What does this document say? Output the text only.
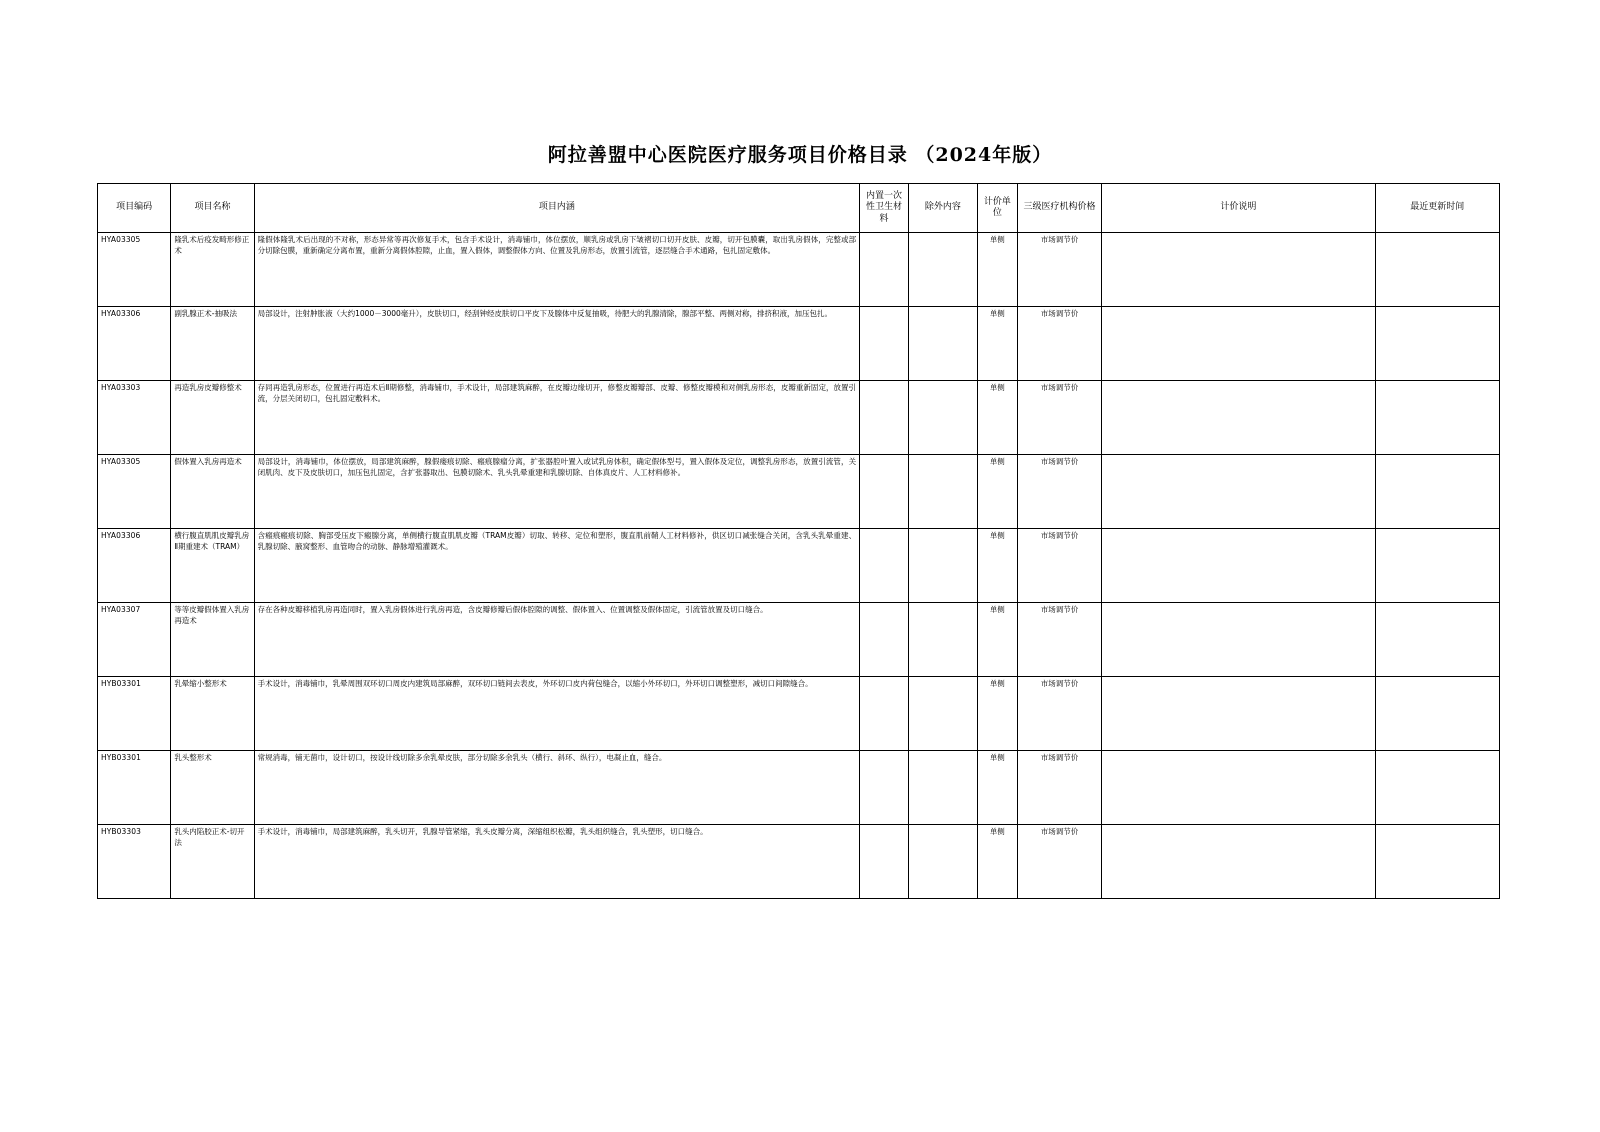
阿拉善盟中心医院医疗服务项目价格目录 （2024年版）
项目编码	项目名称	项目内涵	内置一次性卫生材料	除外内容	计价单位	三级医疗机构价格	计价说明	最近更新时间
HYA03305	隆乳术后疫发畸形修正术	隆假体隆乳术后出现的不对称，形态异常等再次修复手术，包含手术设计，消毒铺巾，体位摆放，顺乳房或乳房下皱褶切口切开皮肤、皮瓣，切开包膜囊，取出乳房假体，完整或部分切除包膜，重新确定分离布置，重新分离假体腔隙，止血，置入假体，调整假体方向、位置及乳房形态，放置引流管，逐层缝合手术通路，包扎固定敷体。			单侧	市场调节价		
HYA03306	副乳腺正术-抽吸法	局部设计，注射肿胀液（大约1000－3000毫升），皮肤切口，经刮钟经皮肤切口平皮下及腺体中反复抽吸，待肥大的乳腺清除，腺部平整、两侧对称，排挤积液，加压包扎。			单侧	市场调节价		
HYA03303	再造乳房皮瓣修整术	存同再造乳房形态，位置进行再造术后Ⅱ期修整，消毒铺巾，手术设计，局部建筑麻醉，在皮瓣边缘切开，修整皮瓣瓣部、皮瓣、修整皮瓣模和对侧乳房形态，皮瓣重新固定，放置引流，分层关闭切口，包扎固定敷料术。			单侧	市场调节价		
HYA03305	假体置入乳房再造术	局部设计，消毒铺巾，体位摆放，局部建筑麻醉，腺假瘘痕切除、瘢痕腺瘤分离，扩张器腔叶置入或试乳房体积，确定假体型号，置入假体及定位，调整乳房形态，放置引流管，关闭肌肉、皮下及皮肤切口，加压包扎固定，含扩张器取出、包膜切除术、乳头乳晕重建和乳腺切除、自体真皮片、人工材料修补。			单侧	市场调节价		
HYA03306	横行腹直肌肌皮瓣乳房Ⅱ期重建术（TRAM）	含瘢痕瘢痕切除、胸部受压皮下瘢腺分离，单侧横行腹直肌肌皮瓣（TRAM皮瓣）切取、转移、定位和塑形，腹直肌前鞘人工材料修补，供区切口减张缝合关闭，含乳头乳晕重建、乳腺切除、腋窝整形、血管吻合的动脉、静脉增殖灌溉术。			单侧	市场调节价		
HYA03307	等等皮瓣假体置入乳房再造术	存在各种皮瓣移植乳房再造同时，置入乳房假体进行乳房再造，含皮瓣修瓣后假体腔隙的调整、假体置入、位置调整及假体固定，引流管放置及切口缝合。			单侧	市场调节价		
HYB03301	乳晕缩小整形术	手术设计，消毒铺巾，乳晕周围双环切口周皮内建筑局部麻醉，双环切口链间去表皮，外环切口皮内荷包缝合，以缩小外环切口，外环切口调整塑形，减切口间隙缝合。			单侧	市场调节价		
HYB03301	乳头整形术	常规消毒，铺无菌巾，设计切口，按设计线切除多余乳晕皮肤，部分切除多余乳头（横行、斜环、纵行），电凝止血，缝合。			单侧	市场调节价		
HYB03303	乳头内陷胶正术-切开法	手术设计，消毒铺巾，局部建筑麻醉，乳头切开，乳腺导管紧缩，乳头皮瓣分离，深缩组织松瓣，乳头组织缝合，乳头塑形，切口缝合。			单侧	市场调节价		
